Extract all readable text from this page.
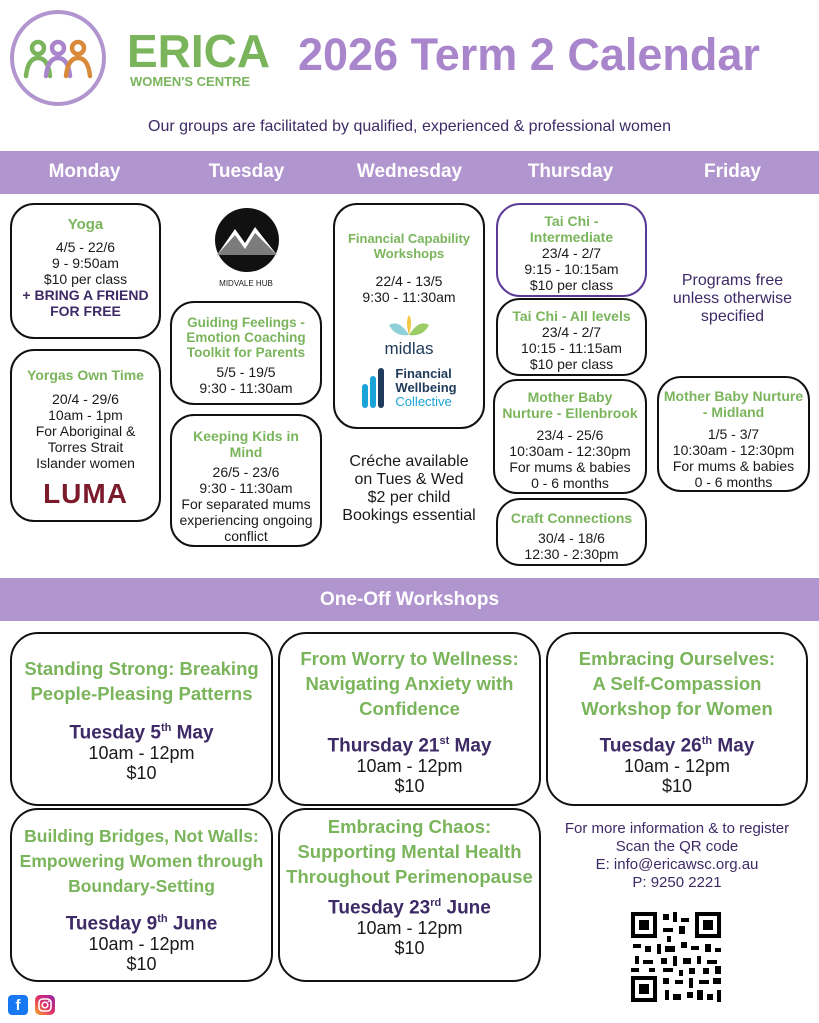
ERICA
WOMEN'S CENTRE
2026 Term 2 Calendar
Our groups are facilitated by qualified, experienced & professional women
Monday	Tuesday	Wednesday	Thursday	Friday
Yoga
4/5 - 22/6
9 - 9:50am
$10 per class
+ BRING A FRIEND FOR FREE
Yorgas Own Time
20/4 - 29/6
10am - 1pm
For Aboriginal & Torres Strait Islander women
LUMA
MIDVALE HUB
Guiding Feelings - Emotion Coaching Toolkit for Parents
5/5 - 19/5
9:30 - 11:30am
Keeping Kids in Mind
26/5 - 23/6
9:30 - 11:30am
For separated mums experiencing ongoing conflict
Financial Capability Workshops
22/4 - 13/5
9:30 - 11:30am
midlas
Financial
Wellbeing
Collective
Créche available
on Tues & Wed
$2 per child
Bookings essential
Tai Chi - Intermediate
23/4 - 2/7
9:15 - 10:15am
$10 per class
Tai Chi - All levels
23/4 - 2/7
10:15 - 11:15am
$10 per class
Mother Baby Nurture - Ellenbrook
23/4 - 25/6
10:30am - 12:30pm
For mums & babies
0 - 6 months
Craft Connections
30/4 - 18/6
12:30 - 2:30pm
Programs free
unless otherwise
specified
Mother Baby Nurture - Midland
1/5 - 3/7
10:30am - 12:30pm
For mums & babies
0 - 6 months
One-Off Workshops
Standing Strong: Breaking People-Pleasing Patterns
Tuesday 5th May
10am - 12pm
$10
From Worry to Wellness: Navigating Anxiety with Confidence
Thursday 21st May
10am - 12pm
$10
Embracing Ourselves: A Self-Compassion Workshop for Women
Tuesday 26th May
10am - 12pm
$10
Building Bridges, Not Walls: Empowering Women through Boundary-Setting
Tuesday 9th June
10am - 12pm
$10
Embracing Chaos: Supporting Mental Health Throughout Perimenopause
Tuesday 23rd June
10am - 12pm
$10
For more information & to register
Scan the QR code
E: info@ericawsc.org.au
P: 9250 2221
f
